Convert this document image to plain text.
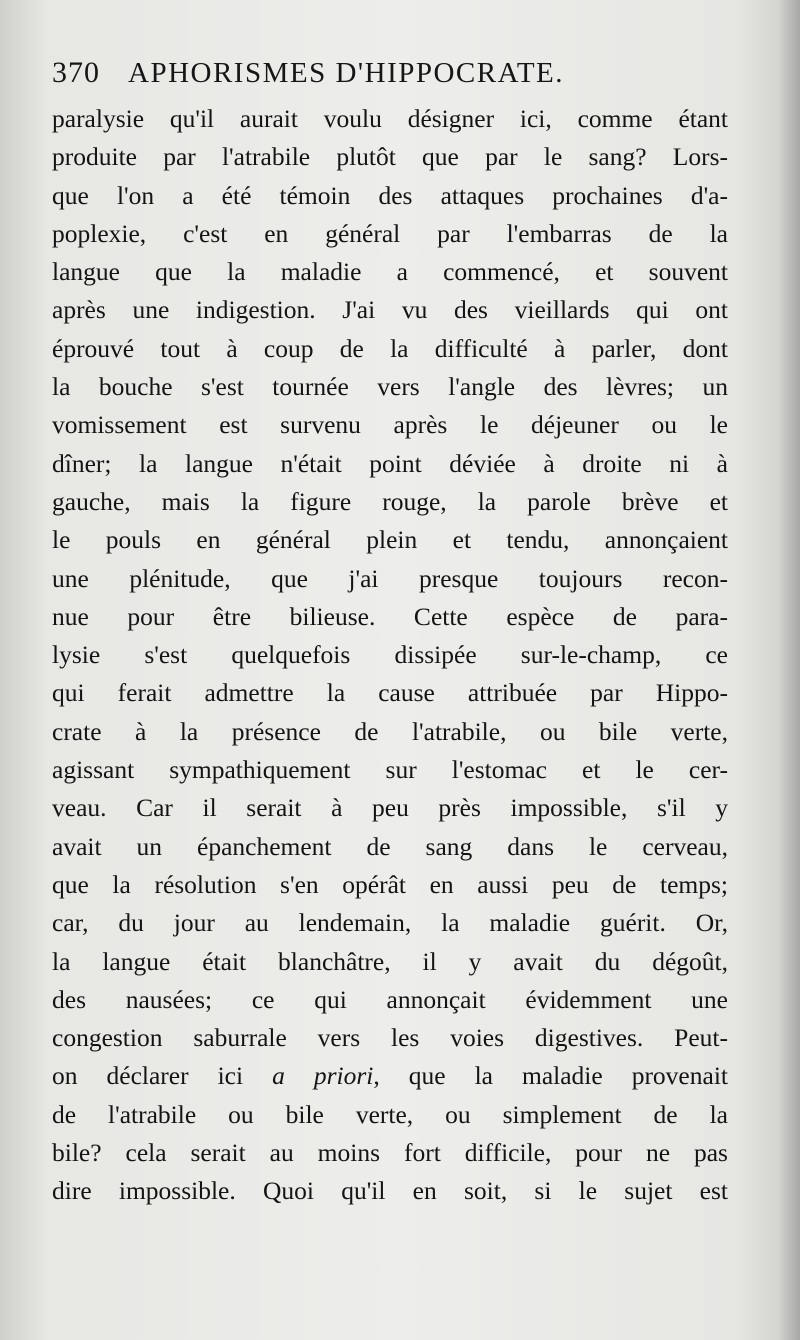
370 APHORISMES D'HIPPOCRATE.
paralysie qu'il aurait voulu désigner ici, comme étant
produite par l'atrabile plutôt que par le sang? Lors-
que l'on a été témoin des attaques prochaines d'a-
poplexie, c'est en général par l'embarras de la
langue que la maladie a commencé, et souvent
après une indigestion. J'ai vu des vieillards qui ont
éprouvé tout à coup de la difficulté à parler, dont
la bouche s'est tournée vers l'angle des lèvres; un
vomissement est survenu après le déjeuner ou le
dîner; la langue n'était point déviée à droite ni à
gauche, mais la figure rouge, la parole brève et
le pouls en général plein et tendu, annonçaient
une plénitude, que j'ai presque toujours recon-
nue pour être bilieuse. Cette espèce de para-
lysie s'est quelquefois dissipée sur-le-champ, ce
qui ferait admettre la cause attribuée par Hippo-
crate à la présence de l'atrabile, ou bile verte,
agissant sympathiquement sur l'estomac et le cer-
veau. Car il serait à peu près impossible, s'il y
avait un épanchement de sang dans le cerveau,
que la résolution s'en opérât en aussi peu de temps;
car, du jour au lendemain, la maladie guérit. Or,
la langue était blanchâtre, il y avait du dégoût,
des nausées; ce qui annonçait évidemment une
congestion saburrale vers les voies digestives. Peut-
on déclarer ici a priori, que la maladie provenait
de l'atrabile ou bile verte, ou simplement de la
bile? cela serait au moins fort difficile, pour ne pas
dire impossible. Quoi qu'il en soit, si le sujet est
